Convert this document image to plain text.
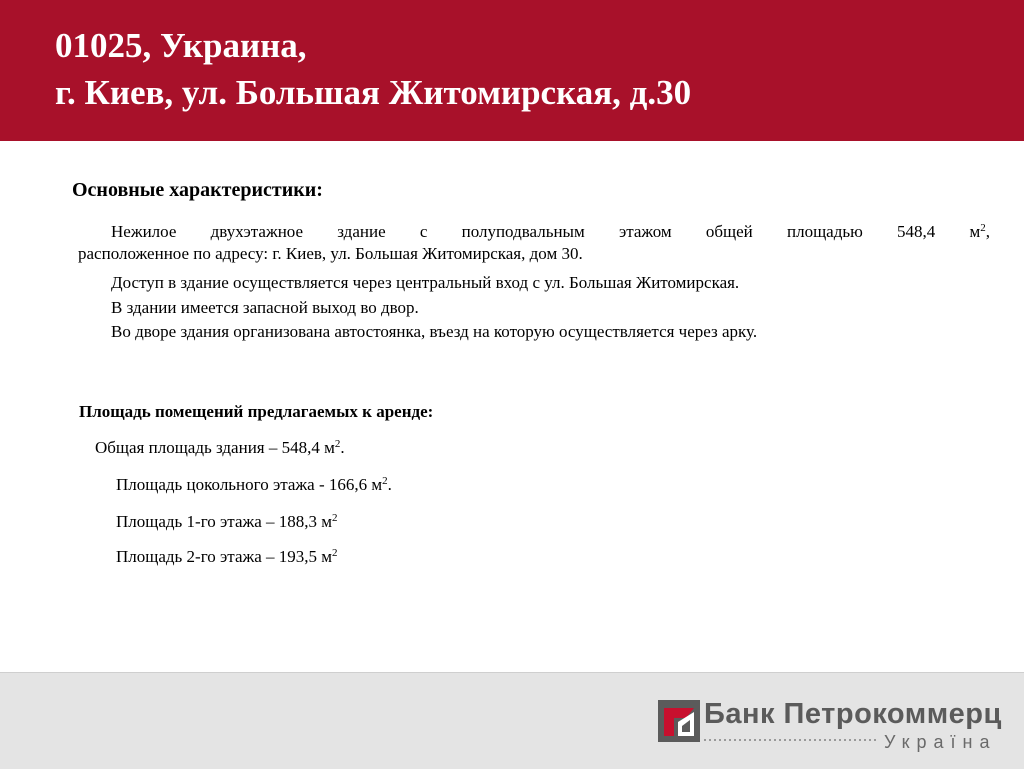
01025, Украина,
г. Киев, ул. Большая Житомирская, д.30
Основные характеристики:
Нежилое двухэтажное здание с полуподвальным этажом общей площадью 548,4 $м^2$,
расположенное по адресу: г. Киев, ул. Большая Житомирская, дом 30.
Доступ в здание осуществляется через центральный вход с ул. Большая Житомирская.
В здании имеется запасной выход во двор.
Во дворе здания организована автостоянка, въезд на которую осуществляется через арку.
Площадь помещений предлагаемых к аренде:
Общая площадь здания – 548,4 $м^2$.
Площадь цокольного этажа - 166,6 $м^2$.
Площадь 1-го этажа – 188,3 $м^2$
Площадь 2-го этажа – 193,5 $м^2$
Банк Петрокоммерц
Україна
